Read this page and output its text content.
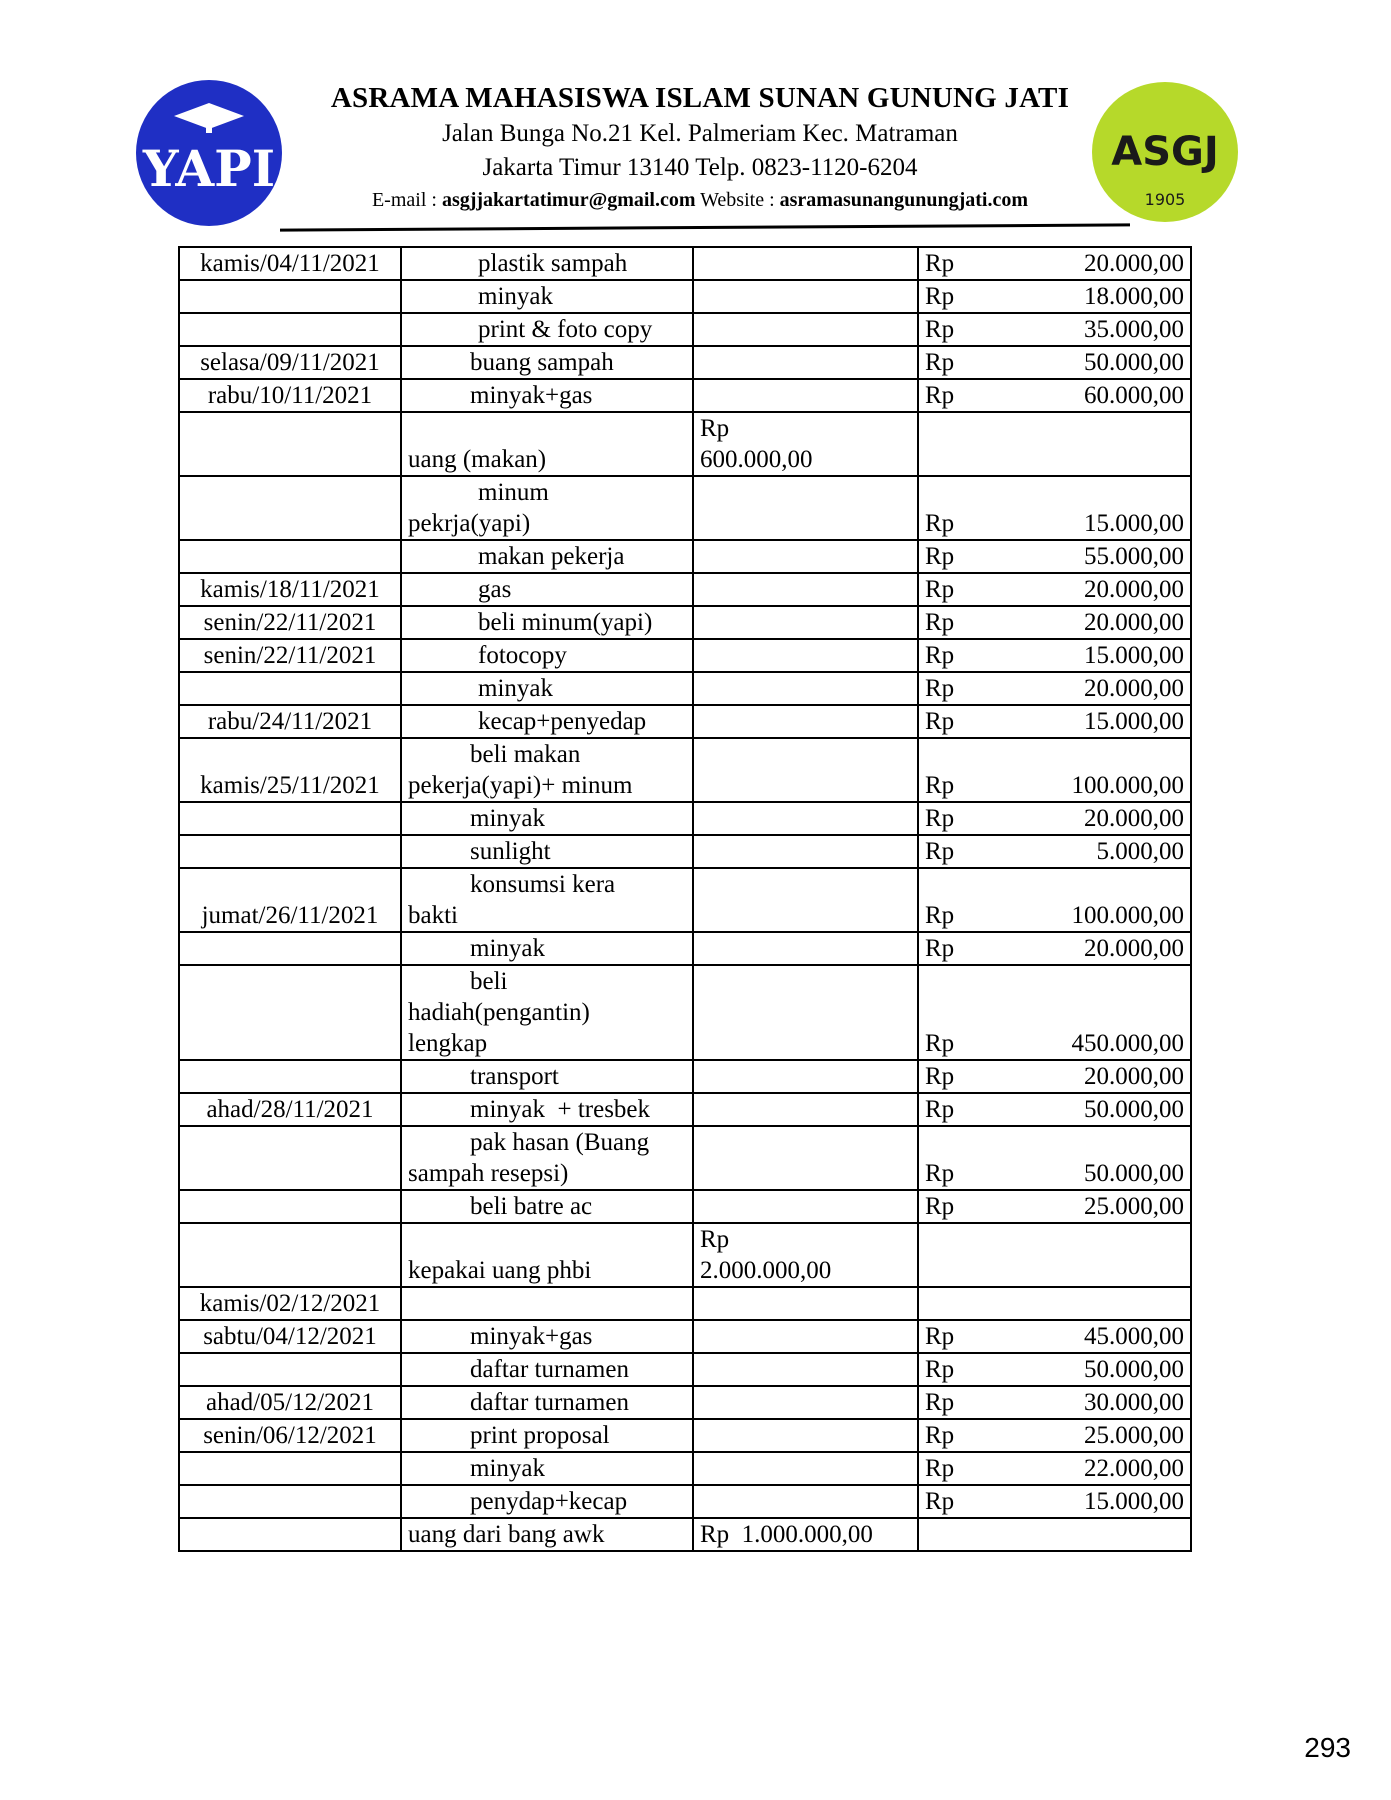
YAPI	ASGJ
1905
ASRAMA MAHASISWA ISLAM SUNAN GUNUNG JATI
Jalan Bunga No.21 Kel. Palmeriam Kec. Matraman
Jakarta Timur 13140 Telp. 0823-1120-6204
E-mail : asgjjakartatimur@gmail.com Website : asramasunangunungjati.com
kamis/04/11/2021	plastik sampah		Rp 20.000,00

	minyak		Rp 18.000,00

	print & foto copy		Rp 35.000,00

selasa/09/11/2021	buang sampah		Rp 50.000,00

rabu/10/11/2021	minyak+gas		Rp 60.000,00

	uang (makan)	Rp
600.000,00	

	minum
pekrja(yapi)		Rp 15.000,00

	makan pekerja		Rp 55.000,00

kamis/18/11/2021	gas		Rp 20.000,00

senin/22/11/2021	beli minum(yapi)		Rp 20.000,00

senin/22/11/2021	fotocopy		Rp 15.000,00

	minyak		Rp 20.000,00

rabu/24/11/2021	kecap+penyedap		Rp 15.000,00

kamis/25/11/2021	beli makan
pekerja(yapi)+ minum		Rp 100.000,00

	minyak		Rp 20.000,00

	sunlight		Rp 5.000,00

jumat/26/11/2021	konsumsi kera
bakti		Rp 100.000,00

	minyak		Rp 20.000,00

	beli
hadiah(pengantin)
lengkap		Rp 450.000,00

	transport		Rp 20.000,00

ahad/28/11/2021	minyak  + tresbek		Rp 50.000,00

	pak hasan (Buang
sampah resepsi)		Rp 50.000,00

	beli batre ac		Rp 25.000,00

	kepakai uang phbi	Rp
2.000.000,00	

kamis/02/12/2021	

sabtu/04/12/2021	minyak+gas		Rp 45.000,00

	daftar turnamen		Rp 50.000,00

ahad/05/12/2021	daftar turnamen		Rp 30.000,00

senin/06/12/2021	print proposal		Rp 25.000,00

	minyak		Rp 22.000,00

	penydap+kecap		Rp 15.000,00

	uang dari bang awk	Rp  1.000.000,00	
293
